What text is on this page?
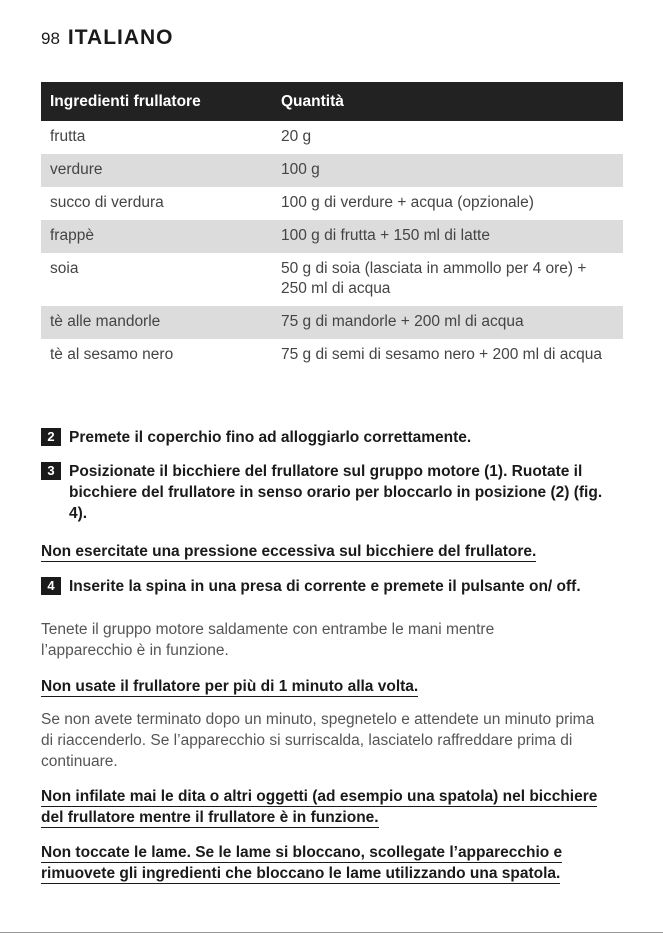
98 ITALIANO
Ingredienti frullatore	Quantità
frutta	20 g
verdure	100 g
succo di verdura	100 g di verdure + acqua (opzionale)
frappè	100 g di frutta + 150 ml di latte
soia	50 g di soia (lasciata in ammollo per 4 ore) + 250 ml di acqua
tè alle mandorle	75 g di mandorle + 200 ml di acqua
tè al sesamo nero	75 g di semi di sesamo nero + 200 ml di acqua
2 Premete il coperchio fino ad alloggiarlo correttamente.
3 Posizionate il bicchiere del frullatore sul gruppo motore (1). Ruotate il bicchiere del frullatore in senso orario per bloccarlo in posizione (2) (fig. 4).
Non esercitate una pressione eccessiva sul bicchiere del frullatore.
4 Inserite la spina in una presa di corrente e premete il pulsante on/ off.
Tenete il gruppo motore saldamente con entrambe le mani mentre l’apparecchio è in funzione.
Non usate il frullatore per più di 1 minuto alla volta.
Se non avete terminato dopo un minuto, spegnetelo e attendete un minuto prima di riaccenderlo. Se l’apparecchio si surriscalda, lasciatelo raffreddare prima di continuare.
Non infilate mai le dita o altri oggetti (ad esempio una spatola) nel bicchiere del frullatore mentre il frullatore è in funzione.
Non toccate le lame. Se le lame si bloccano, scollegate l’apparecchio e rimuovete gli ingredienti che bloccano le lame utilizzando una spatola.
